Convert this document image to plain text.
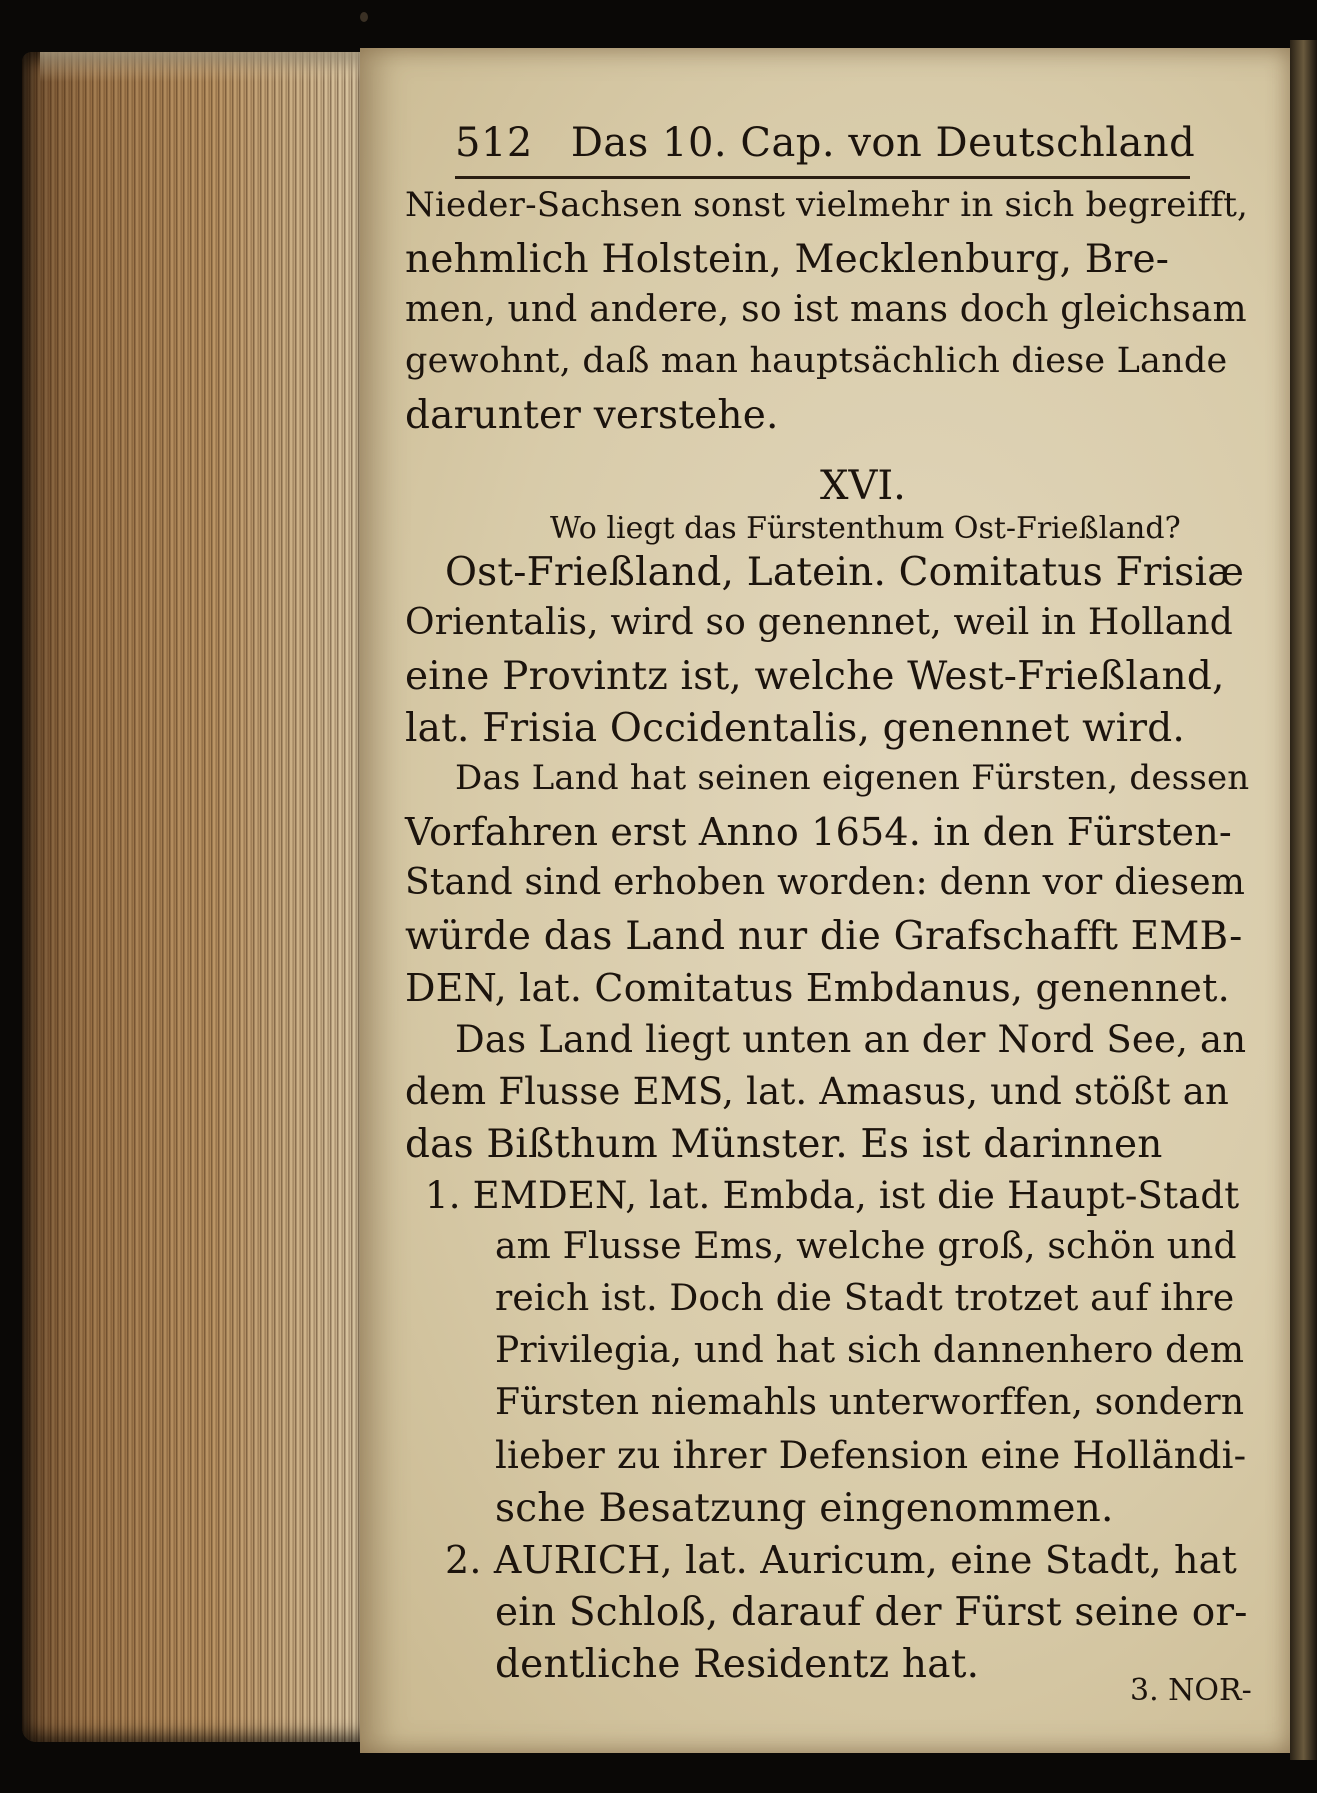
512 Das 10. Cap. von Deutschland
Nieder-Sachsen sonst vielmehr in sich begreifft,
nehmlich Holstein, Mecklenburg, Bre-
men, und andere, so ist mans doch gleichsam
gewohnt, daß man hauptsächlich diese Lande
darunter verstehe.
XVI.
Wo liegt das Fürstenthum Ost-Frießland?
Ost-Frießland, Latein. Comitatus Frisiæ
Orientalis, wird so genennet, weil in Holland
eine Provintz ist, welche West-Frießland,
lat. Frisia Occidentalis, genennet wird.
Das Land hat seinen eigenen Fürsten, dessen
Vorfahren erst Anno 1654. in den Fürsten-
Stand sind erhoben worden: denn vor diesem
würde das Land nur die Grafschafft EMB-
DEN, lat. Comitatus Embdanus, genennet.
Das Land liegt unten an der Nord See, an
dem Flusse EMS, lat. Amasus, und stößt an
das Bißthum Münster. Es ist darinnen
1. EMDEN, lat. Embda, ist die Haupt-Stadt
am Flusse Ems, welche groß, schön und
reich ist. Doch die Stadt trotzet auf ihre
Privilegia, und hat sich dannenhero dem
Fürsten niemahls unterworffen, sondern
lieber zu ihrer Defension eine Holländi-
sche Besatzung eingenommen.
2. AURICH, lat. Auricum, eine Stadt, hat
ein Schloß, darauf der Fürst seine or-
dentliche Residentz hat.
3. NOR-
